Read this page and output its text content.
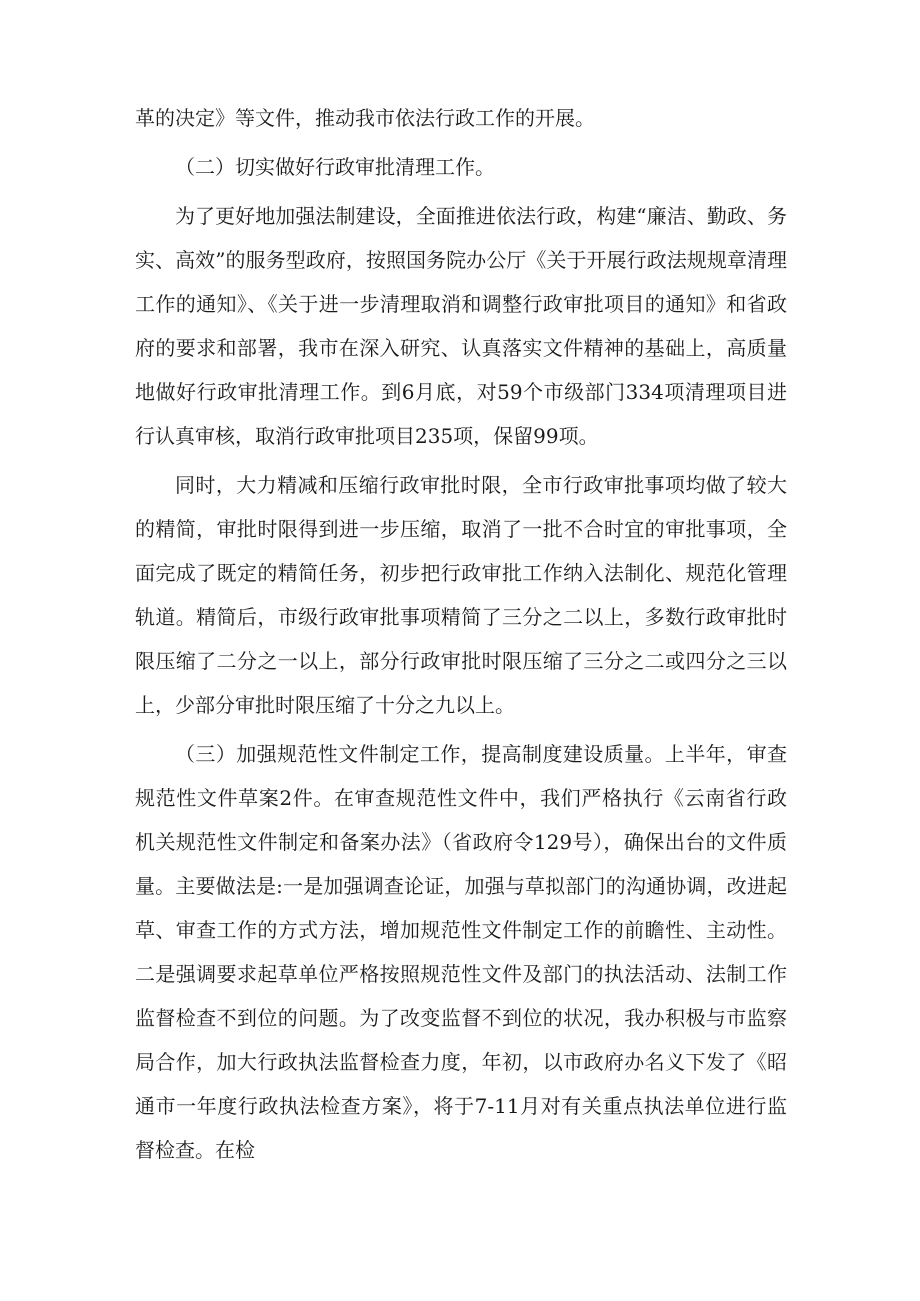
革的决定》等文件，推动我市依法行政工作的开展。

（二）切实做好行政审批清理工作。

为了更好地加强法制建设，全面推进依法行政，构建“廉洁、勤政、务实、高效”的服务型政府，按照国务院办公厅《关于开展行政法规规章清理工作的通知》、《关于进一步清理取消和调整行政审批项目的通知》和省政府的要求和部署，我市在深入研究、认真落实文件精神的基础上，高质量地做好行政审批清理工作。到6月底，对59个市级部门334项清理项目进行认真审核，取消行政审批项目235项，保留99项。

同时，大力精减和压缩行政审批时限，全市行政审批事项均做了较大的精简，审批时限得到进一步压缩，取消了一批不合时宜的审批事项，全面完成了既定的精简任务，初步把行政审批工作纳入法制化、规范化管理轨道。精简后，市级行政审批事项精简了三分之二以上，多数行政审批时限压缩了二分之一以上，部分行政审批时限压缩了三分之二或四分之三以上，少部分审批时限压缩了十分之九以上。

（三）加强规范性文件制定工作，提高制度建设质量。上半年，审查规范性文件草案2件。在审查规范性文件中，我们严格执行《云南省行政机关规范性文件制定和备案办法》（省政府令129号），确保出台的文件质量。主要做法是:一是加强调查论证，加强与草拟部门的沟通协调，改进起草、审查工作的方式方法，增加规范性文件制定工作的前瞻性、主动性。二是强调要求起草单位严格按照规范性文件及部门的执法活动、法制工作监督检查不到位的问题。为了改变监督不到位的状况，我办积极与市监察局合作，加大行政执法监督检查力度，年初，以市政府办名义下发了《昭通市一年度行政执法检查方案》，将于7-11月对有关重点执法单位进行监督检查。在检
